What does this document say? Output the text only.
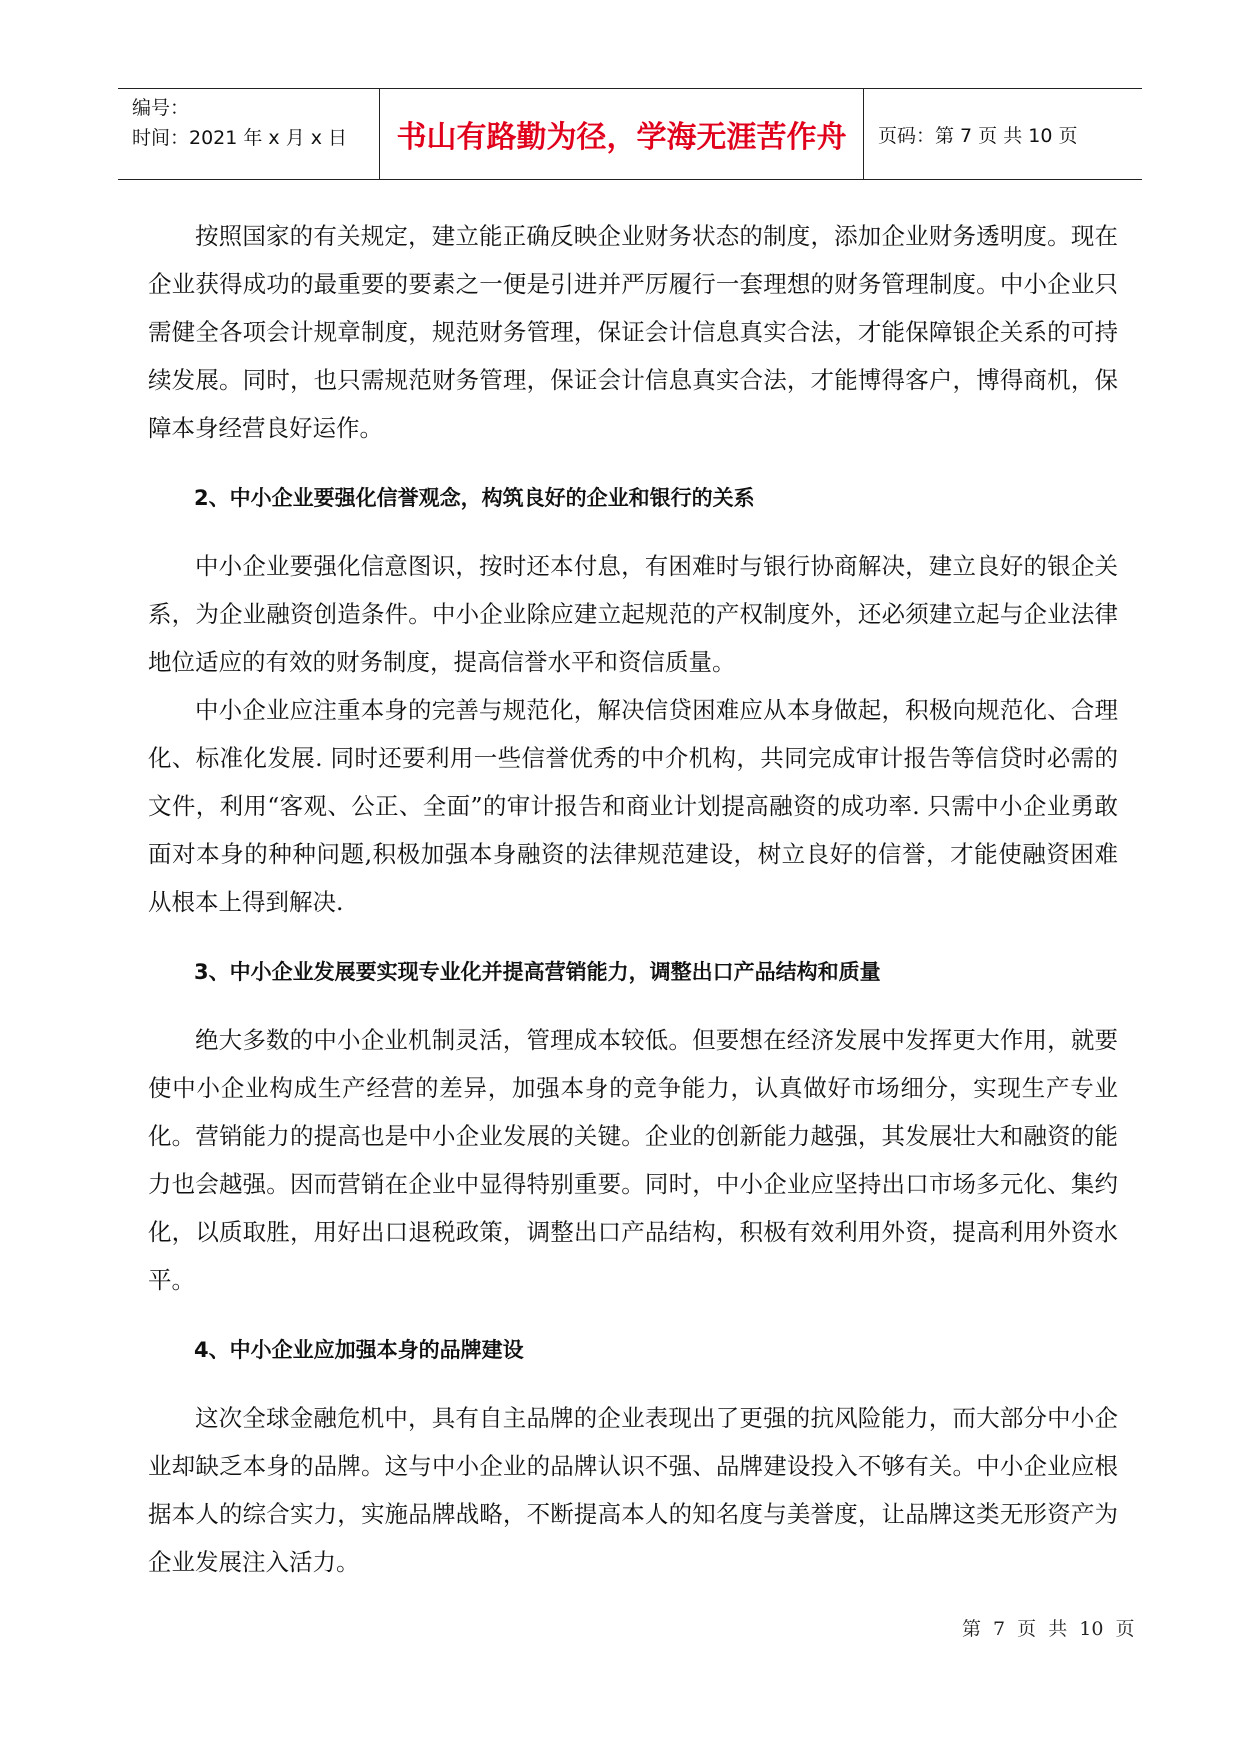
编号：
时间：2021 年 x 月 x 日	书山有路勤为径，学海无涯苦作舟 页码：第 7 页 共 10 页

按照国家的有关规定，建立能正确反映企业财务状态的制度，添加企业财务透明度。现在企业获得成功的最重要的要素之一便是引进并严厉履行一套理想的财务管理制度。中小企业只需健全各项会计规章制度，规范财务管理，保证会计信息真实合法，才能保障银企关系的可持续发展。同时，也只需规范财务管理，保证会计信息真实合法，才能博得客户，博得商机，保障本身经营良好运作。

2、中小企业要强化信誉观念，构筑良好的企业和银行的关系

中小企业要强化信意图识，按时还本付息，有困难时与银行协商解决，建立良好的银企关系，为企业融资创造条件。中小企业除应建立起规范的产权制度外，还必须建立起与企业法律地位适应的有效的财务制度，提高信誉水平和资信质量。

中小企业应注重本身的完善与规范化，解决信贷困难应从本身做起，积极向规范化、合理化、标准化发展. 同时还要利用一些信誉优秀的中介机构，共同完成审计报告等信贷时必需的文件，利用“客观、公正、全面”的审计报告和商业计划提高融资的成功率. 只需中小企业勇敢面对本身的种种问题,积极加强本身融资的法律规范建设，树立良好的信誉，才能使融资困难从根本上得到解决.

3、中小企业发展要实现专业化并提高营销能力，调整出口产品结构和质量

绝大多数的中小企业机制灵活，管理成本较低。但要想在经济发展中发挥更大作用，就要使中小企业构成生产经营的差异，加强本身的竞争能力，认真做好市场细分，实现生产专业化。营销能力的提高也是中小企业发展的关键。企业的创新能力越强，其发展壮大和融资的能力也会越强。因而营销在企业中显得特别重要。同时，中小企业应坚持出口市场多元化、集约化，以质取胜，用好出口退税政策，调整出口产品结构，积极有效利用外资，提高利用外资水平。

4、中小企业应加强本身的品牌建设

这次全球金融危机中，具有自主品牌的企业表现出了更强的抗风险能力，而大部分中小企业却缺乏本身的品牌。这与中小企业的品牌认识不强、品牌建设投入不够有关。中小企业应根据本人的综合实力，实施品牌战略，不断提高本人的知名度与美誉度，让品牌这类无形资产为企业发展注入活力。

第 7 页 共 10 页
